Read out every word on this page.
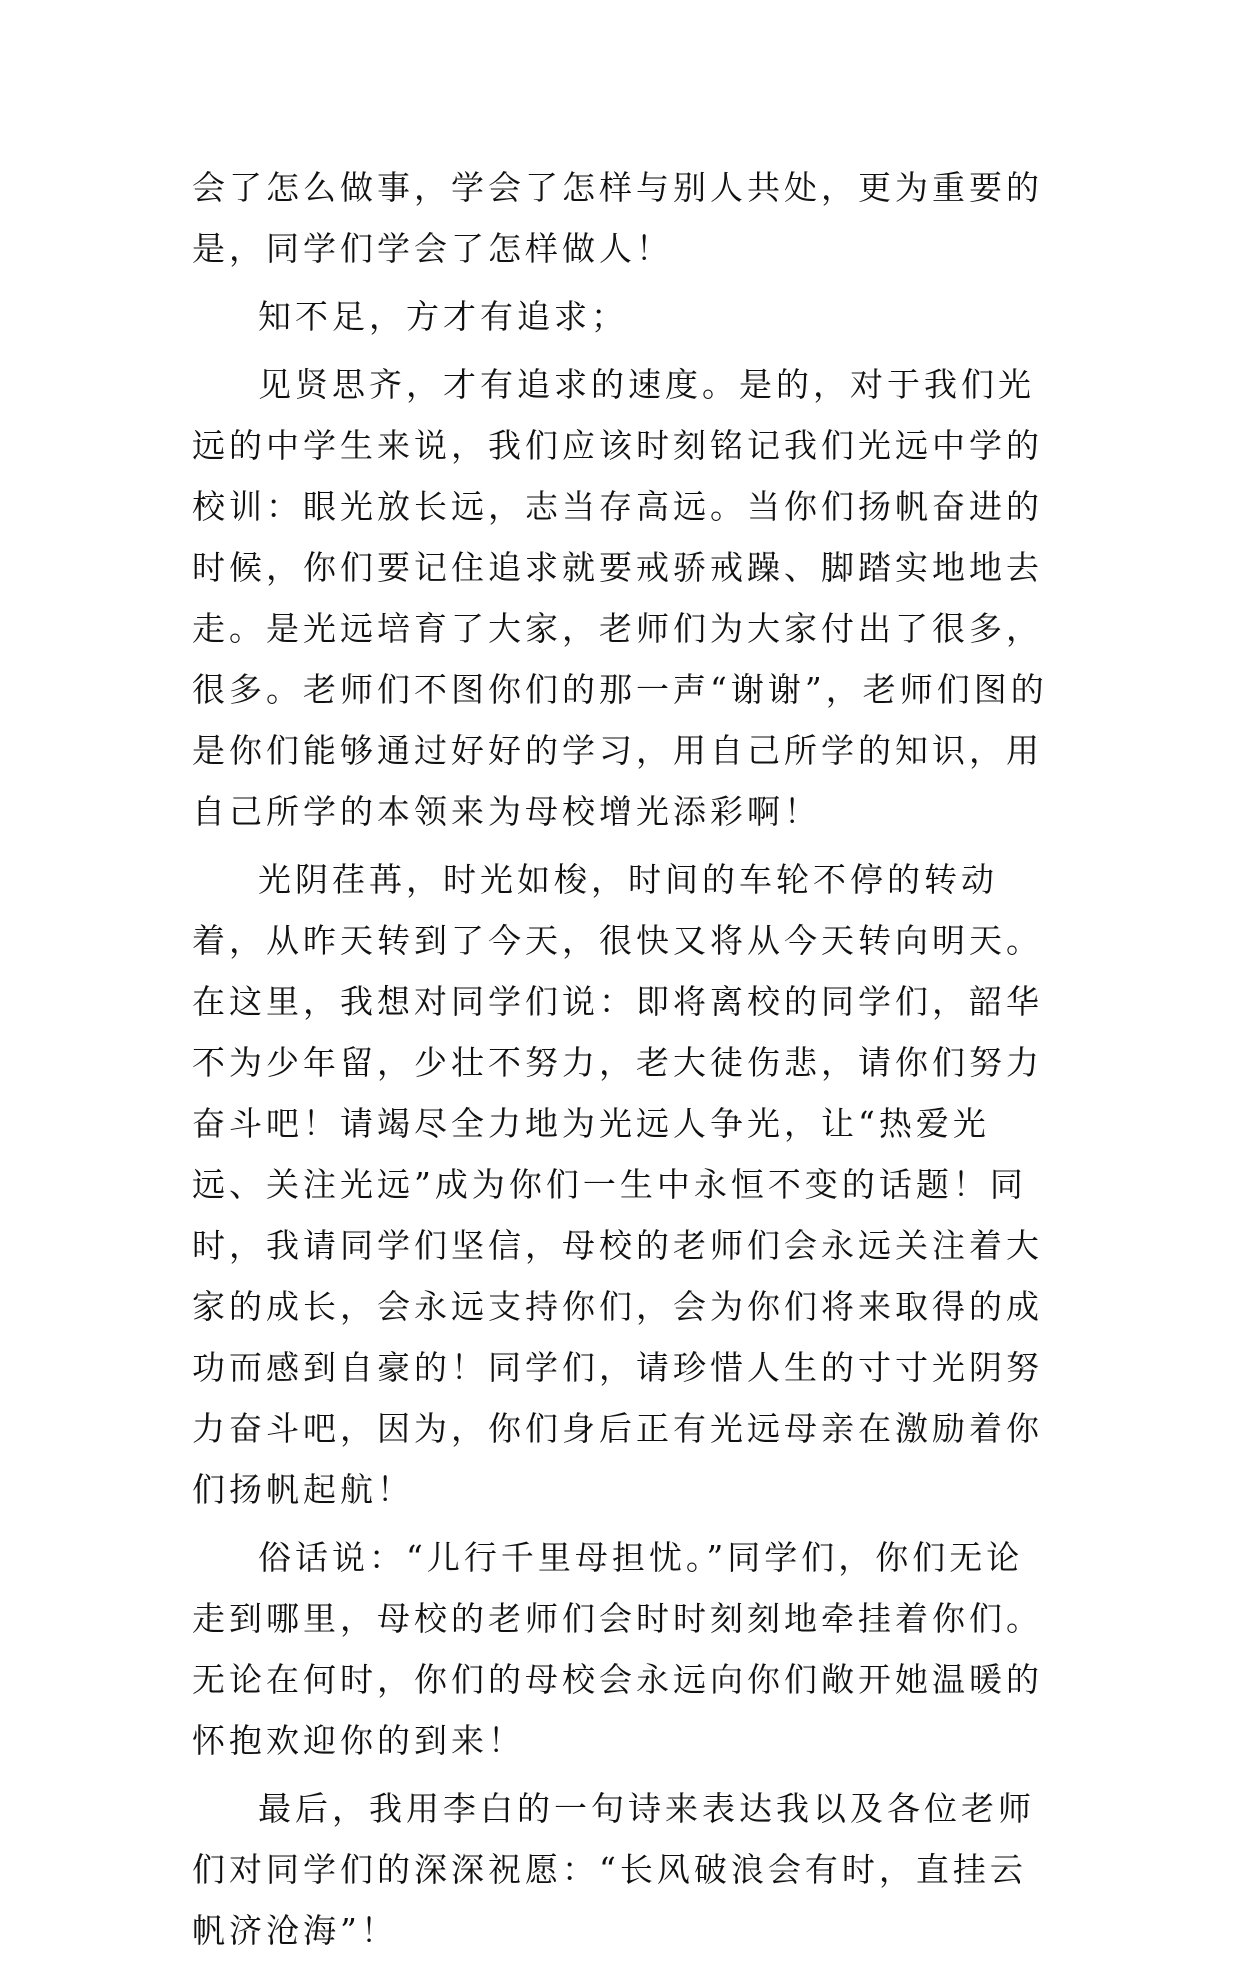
会了怎么做事，学会了怎样与别人共处，更为重要的是，同学们学会了怎样做人！

知不足，方才有追求；

见贤思齐，才有追求的速度。是的，对于我们光远的中学生来说，我们应该时刻铭记我们光远中学的校训：眼光放长远，志当存高远。当你们扬帆奋进的时候，你们要记住追求就要戒骄戒躁、脚踏实地地去走。是光远培育了大家，老师们为大家付出了很多，很多。老师们不图你们的那一声“谢谢”，老师们图的是你们能够通过好好的学习，用自己所学的知识，用自己所学的本领来为母校增光添彩啊！

光阴荏苒，时光如梭，时间的车轮不停的转动着，从昨天转到了今天，很快又将从今天转向明天。在这里，我想对同学们说：即将离校的同学们，韶华不为少年留，少壮不努力，老大徒伤悲，请你们努力奋斗吧！请竭尽全力地为光远人争光，让“热爱光远、关注光远”成为你们一生中永恒不变的话题！同时，我请同学们坚信，母校的老师们会永远关注着大家的成长，会永远支持你们，会为你们将来取得的成功而感到自豪的！同学们，请珍惜人生的寸寸光阴努力奋斗吧，因为，你们身后正有光远母亲在激励着你们扬帆起航！

俗话说：“儿行千里母担忧。”同学们，你们无论走到哪里，母校的老师们会时时刻刻地牵挂着你们。无论在何时，你们的母校会永远向你们敞开她温暖的怀抱欢迎你的到来！

最后，我用李白的一句诗来表达我以及各位老师们对同学们的深深祝愿：“长风破浪会有时，直挂云帆济沧海”！
